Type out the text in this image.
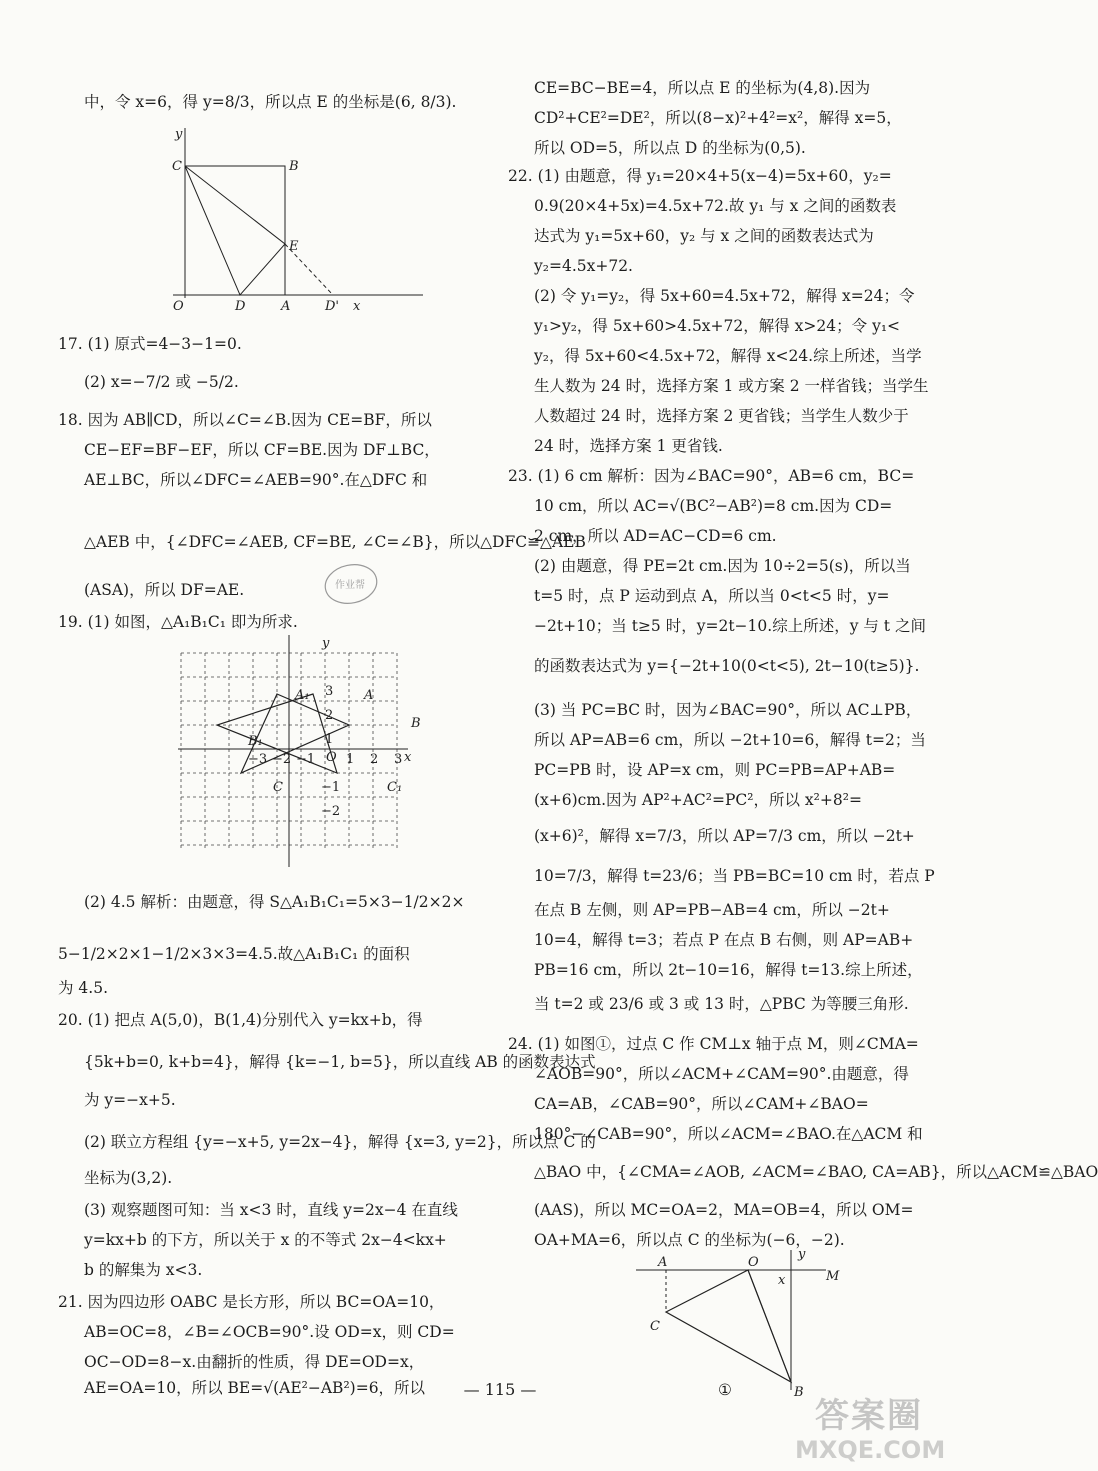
中，令 x=6，得 y=8/3，所以点 E 的坐标是(6, 8/3).
y
C	B
E
O	D	A	D' x
17. (1) 原式=4−3−1=0.
(2) x=−7/2 或 −5/2.
18. 因为 AB∥CD，所以∠C=∠B.因为 CE=BF，所以
CE−EF=BF−EF，所以 CF=BE.因为 DF⊥BC，
AE⊥BC，所以∠DFC=∠AEB=90°.在△DFC 和
△AEB 中，{∠DFC=∠AEB, CF=BE, ∠C=∠B}，所以△DFC≌△AEB
(ASA)，所以 DF=AE.	作业帮
19. (1) 如图，△A₁B₁C₁ 即为所求.
y
x
A₁	A
B₁
B
C₁
C
O
3
2
1
−1
−2
−3 −2 −1 1 2 3
(2) 4.5 解析：由题意，得 S△A₁B₁C₁=5×3−1/2×2×
5−1/2×2×1−1/2×3×3=4.5.故△A₁B₁C₁ 的面积
为 4.5.
20. (1) 把点 A(5,0)，B(1,4)分别代入 y=kx+b，得
{5k+b=0, k+b=4}，解得 {k=−1, b=5}，所以直线 AB 的函数表达式
为 y=−x+5.
(2) 联立方程组 {y=−x+5, y=2x−4}，解得 {x=3, y=2}，所以点 C 的
坐标为(3,2).
(3) 观察题图可知：当 x<3 时，直线 y=2x−4 在直线
y=kx+b 的下方，所以关于 x 的不等式 2x−4<kx+
b 的解集为 x<3.
21. 因为四边形 OABC 是长方形，所以 BC=OA=10，
AB=OC=8，∠B=∠OCB=90°.设 OD=x，则 CD=
OC−OD=8−x.由翻折的性质，得 DE=OD=x，
AE=OA=10，所以 BE=√(AE²−AB²)=6，所以
CE=BC−BE=4，所以点 E 的坐标为(4,8).因为
CD²+CE²=DE²，所以(8−x)²+4²=x²，解得 x=5，
所以 OD=5，所以点 D 的坐标为(0,5).
22. (1) 由题意，得 y₁=20×4+5(x−4)=5x+60，y₂=
0.9(20×4+5x)=4.5x+72.故 y₁ 与 x 之间的函数表
达式为 y₁=5x+60，y₂ 与 x 之间的函数表达式为
y₂=4.5x+72.
(2) 令 y₁=y₂，得 5x+60=4.5x+72，解得 x=24；令
y₁>y₂，得 5x+60>4.5x+72，解得 x>24；令 y₁<
y₂，得 5x+60<4.5x+72，解得 x<24.综上所述，当学
生人数为 24 时，选择方案 1 或方案 2 一样省钱；当学生
人数超过 24 时，选择方案 2 更省钱；当学生人数少于
24 时，选择方案 1 更省钱.
23. (1) 6 cm 解析：因为∠BAC=90°，AB=6 cm，BC=
10 cm，所以 AC=√(BC²−AB²)=8 cm.因为 CD=
2 cm，所以 AD=AC−CD=6 cm.
(2) 由题意，得 PE=2t cm.因为 10÷2=5(s)，所以当
t=5 时，点 P 运动到点 A，所以当 0<t<5 时，y=
−2t+10；当 t≥5 时，y=2t−10.综上所述，y 与 t 之间
的函数表达式为 y={−2t+10(0<t<5), 2t−10(t≥5)}.
(3) 当 PC=BC 时，因为∠BAC=90°，所以 AC⊥PB，
所以 AP=AB=6 cm，所以 −2t+10=6，解得 t=2；当
PC=PB 时，设 AP=x cm，则 PC=PB=AP+AB=
(x+6)cm.因为 AP²+AC²=PC²，所以 x²+8²=
(x+6)²，解得 x=7/3，所以 AP=7/3 cm，所以 −2t+
10=7/3，解得 t=23/6；当 PB=BC=10 cm 时，若点 P
在点 B 左侧，则 AP=PB−AB=4 cm，所以 −2t+
10=4，解得 t=3；若点 P 在点 B 右侧，则 AP=AB+
PB=16 cm，所以 2t−10=16，解得 t=13.综上所述，
当 t=2 或 23/6 或 3 或 13 时，△PBC 为等腰三角形.
24. (1) 如图①，过点 C 作 CM⊥x 轴于点 M，则∠CMA=
∠AOB=90°，所以∠ACM+∠CAM=90°.由题意，得
CA=AB，∠CAB=90°，所以∠CAM+∠BAO=
180°−∠CAB=90°，所以∠ACM=∠BAO.在△ACM 和
△BAO 中，{∠CMA=∠AOB, ∠ACM=∠BAO, CA=AB}，所以△ACM≌△BAO
(AAS)，所以 MC=OA=2，MA=OB=4，所以 OM=
OA+MA=6，所以点 C 的坐标为(−6，−2).
y
M
A	O
x
C
B
①
— 115 —
答案圈
MXQE.COM
